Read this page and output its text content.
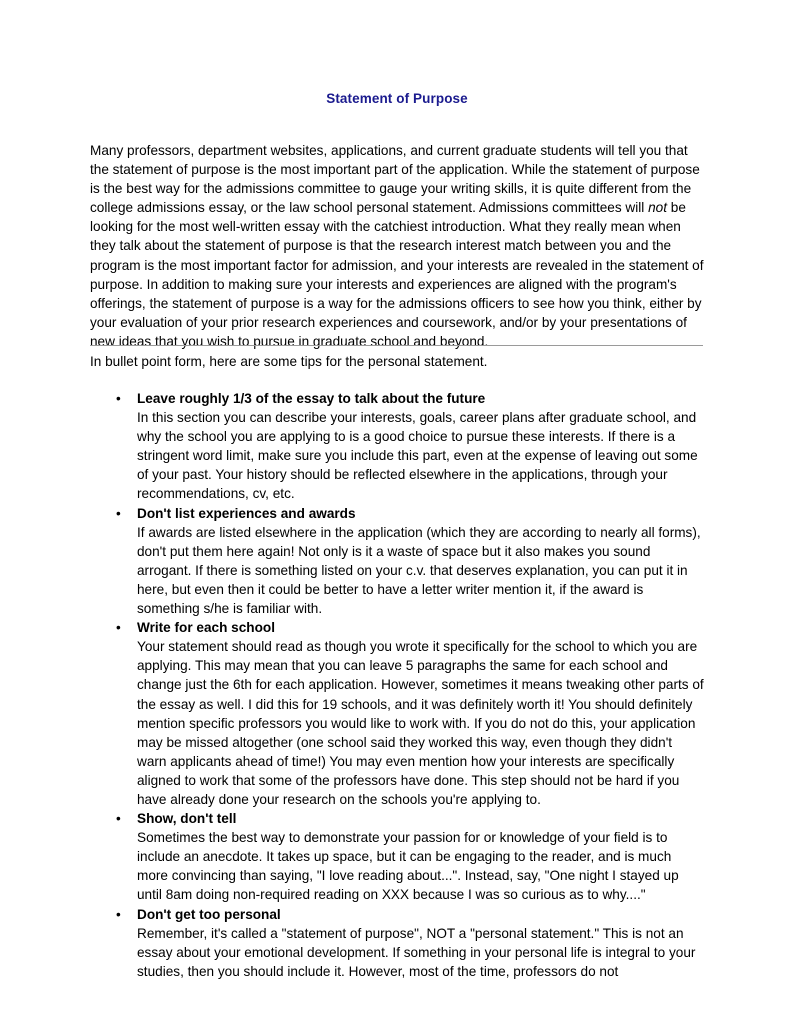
Statement of Purpose

Many professors, department websites, applications, and current graduate students will tell you that the statement of purpose is the most important part of the application. While the statement of purpose is the best way for the admissions committee to gauge your writing skills, it is quite different from the college admissions essay, or the law school personal statement. Admissions committees will not be looking for the most well-written essay with the catchiest introduction. What they really mean when they talk about the statement of purpose is that the research interest match between you and the program is the most important factor for admission, and your interests are revealed in the statement of purpose. In addition to making sure your interests and experiences are aligned with the program's offerings, the statement of purpose is a way for the admissions officers to see how you think, either by your evaluation of your prior research experiences and coursework, and/or by your presentations of new ideas that you wish to pursue in graduate school and beyond.

In bullet point form, here are some tips for the personal statement.

•	Leave roughly 1/3 of the essay to talk about the future
In this section you can describe your interests, goals, career plans after graduate school, and why the school you are applying to is a good choice to pursue these interests. If there is a stringent word limit, make sure you include this part, even at the expense of leaving out some of your past. Your history should be reflected elsewhere in the applications, through your recommendations, cv, etc.
•	Don't list experiences and awards
If awards are listed elsewhere in the application (which they are according to nearly all forms), don't put them here again! Not only is it a waste of space but it also makes you sound arrogant. If there is something listed on your c.v. that deserves explanation, you can put it in here, but even then it could be better to have a letter writer mention it, if the award is something s/he is familiar with.
•	Write for each school
Your statement should read as though you wrote it specifically for the school to which you are applying. This may mean that you can leave 5 paragraphs the same for each school and change just the 6th for each application. However, sometimes it means tweaking other parts of the essay as well. I did this for 19 schools, and it was definitely worth it! You should definitely mention specific professors you would like to work with. If you do not do this, your application may be missed altogether (one school said they worked this way, even though they didn't warn applicants ahead of time!) You may even mention how your interests are specifically aligned to work that some of the professors have done. This step should not be hard if you have already done your research on the schools you're applying to.
•	Show, don't tell
Sometimes the best way to demonstrate your passion for or knowledge of your field is to include an anecdote. It takes up space, but it can be engaging to the reader, and is much more convincing than saying, "I love reading about...". Instead, say, "One night I stayed up until 8am doing non-required reading on XXX because I was so curious as to why...."
•	Don't get too personal
Remember, it's called a "statement of purpose", NOT a "personal statement." This is not an essay about your emotional development. If something in your personal life is integral to your studies, then you should include it. However, most of the time, professors do not
